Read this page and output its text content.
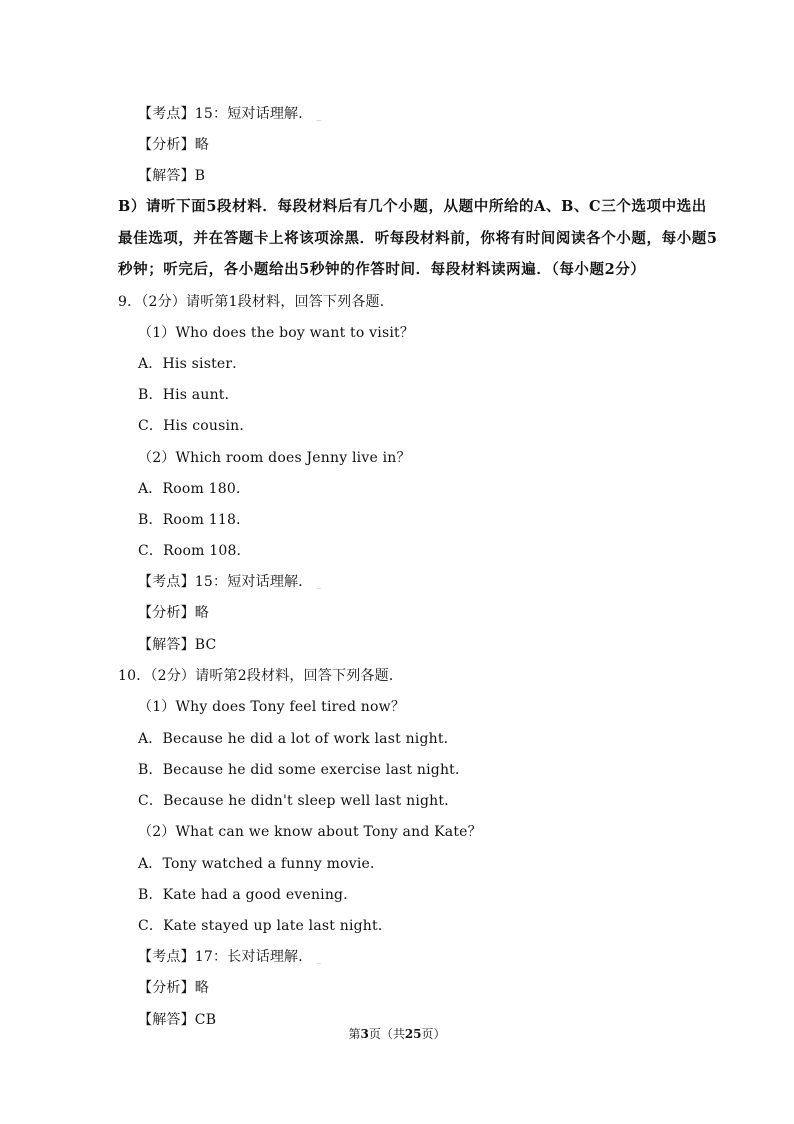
【考点】15：短对话理解． _
【分析】略
【解答】B
B）请听下面5段材料．每段材料后有几个小题，从题中所给的A、B、C三个选项中选出
最佳选项，并在答题卡上将该项涂黑．听每段材料前，你将有时间阅读各个小题，每小题5
秒钟；听完后，各小题给出5秒钟的作答时间．每段材料读两遍．（每小题2分）
9．（2分）请听第1段材料，回答下列各题．
（1）Who does the boy want to visit？
A．His sister．
B．His aunt．
C．His cousin．
（2）Which room does Jenny live in？
A．Room 180．
B．Room 118．
C．Room 108．
【考点】15：短对话理解． _
【分析】略
【解答】BC
10．（2分）请听第2段材料，回答下列各题．
（1）Why does Tony feel tired now？
A．Because he did a lot of work last night．
B．Because he did some exercise last night．
C．Because he didn't sleep well last night．
（2）What can we know about Tony and Kate？
A．Tony watched a funny movie．
B．Kate had a good evening．
C．Kate stayed up late last night．
【考点】17：长对话理解． _
【分析】略
【解答】CB
第3页（共25页）
